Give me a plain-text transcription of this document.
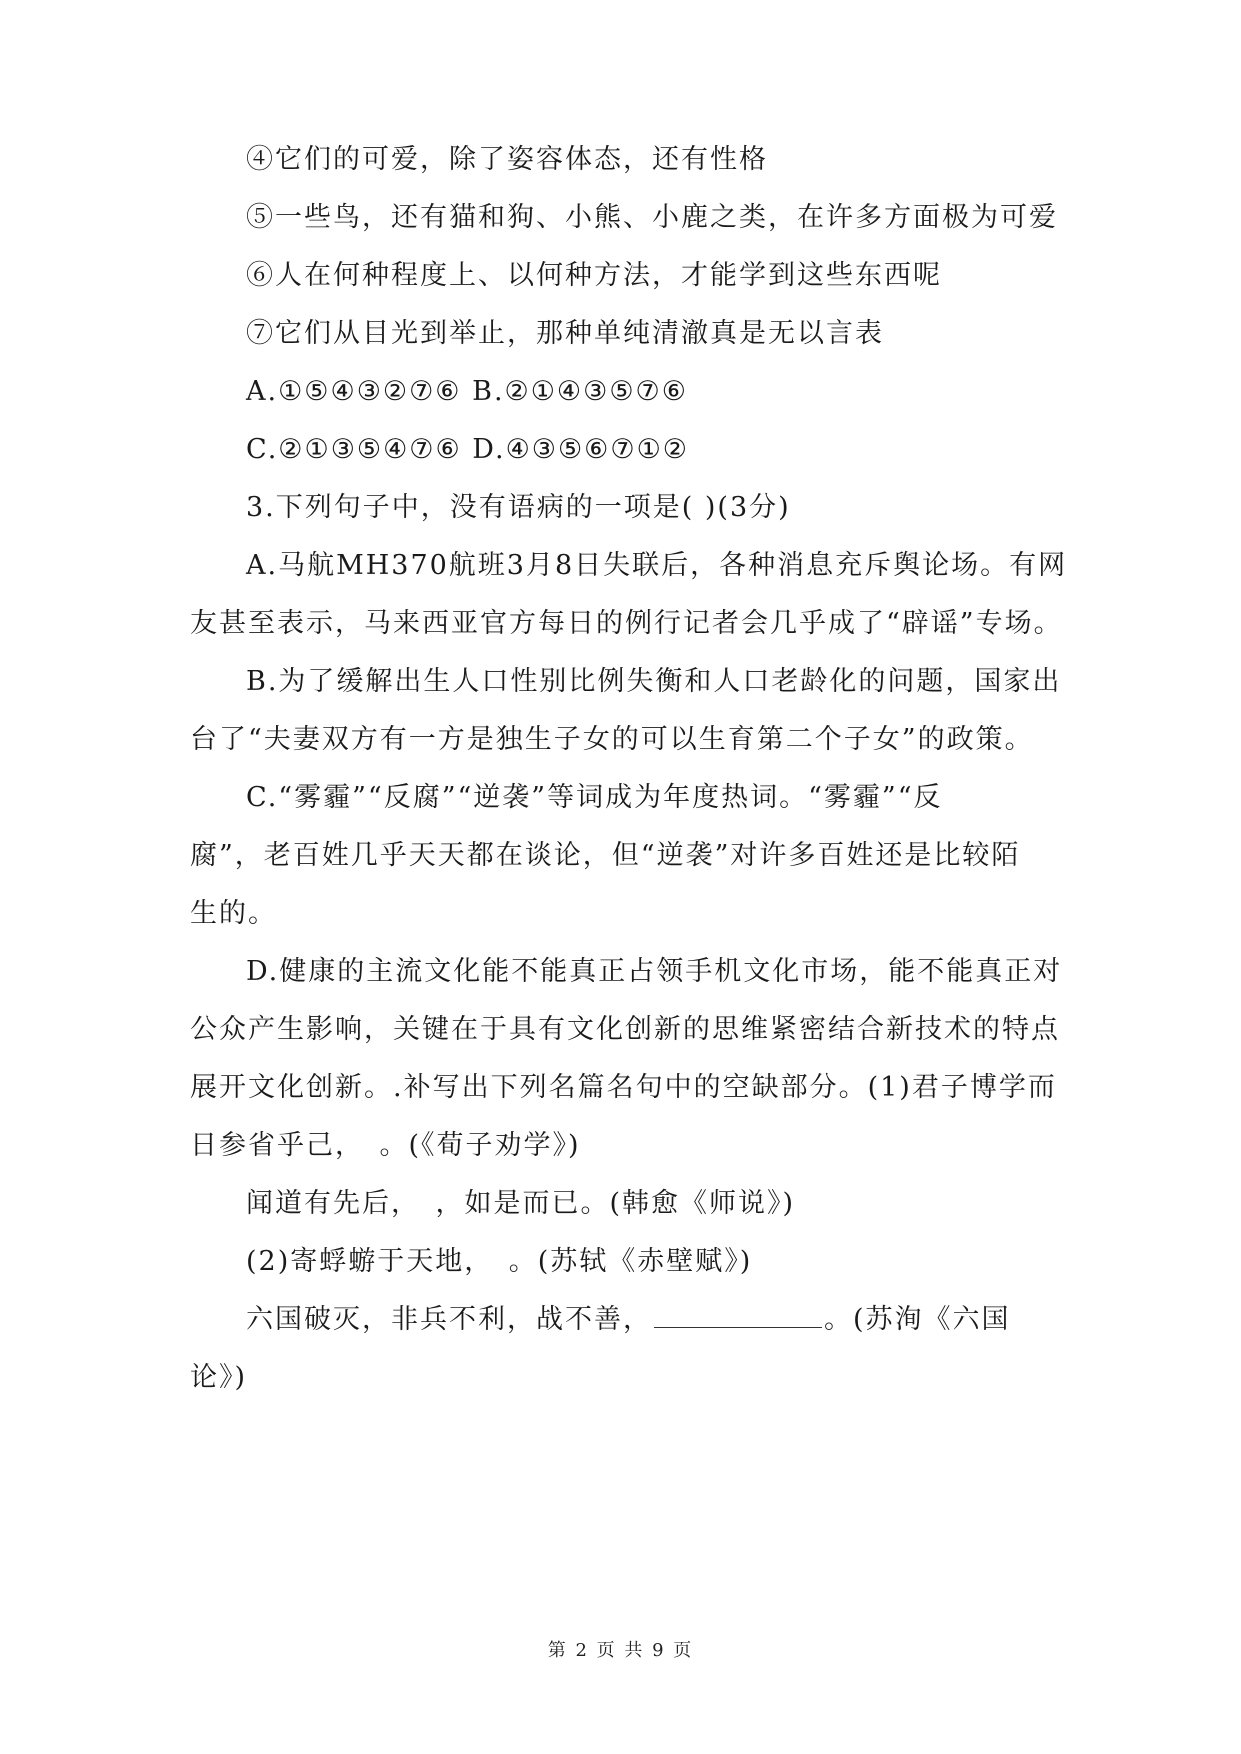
④它们的可爱，除了姿容体态，还有性格
⑤一些鸟，还有猫和狗、小熊、小鹿之类，在许多方面极为可爱
⑥人在何种程度上、以何种方法，才能学到这些东西呢
⑦它们从目光到举止，那种单纯清澈真是无以言表
A.①⑤④③②⑦⑥ B.②①④③⑤⑦⑥
C.②①③⑤④⑦⑥ D.④③⑤⑥⑦①②
3.下列句子中，没有语病的一项是( )(3分)
A.马航MH370航班3月8日失联后，各种消息充斥舆论场。有网
友甚至表示，马来西亚官方每日的例行记者会几乎成了“辟谣”专场。
B.为了缓解出生人口性别比例失衡和人口老龄化的问题，国家出
台了“夫妻双方有一方是独生子女的可以生育第二个子女”的政策。
C.“雾霾”“反腐”“逆袭”等词成为年度热词。“雾霾”“反
腐”，老百姓几乎天天都在谈论，但“逆袭”对许多百姓还是比较陌
生的。
D.健康的主流文化能不能真正占领手机文化市场，能不能真正对
公众产生影响，关键在于具有文化创新的思维紧密结合新技术的特点
展开文化创新。.补写出下列名篇名句中的空缺部分。(1)君子博学而
日参省乎己，　。(《荀子劝学》)
闻道有先后，　，如是而已。(韩愈《师说》)
(2)寄蜉蝣于天地，　。(苏轼《赤壁赋》)
六国破灭，非兵不利，战不善，	。(苏洵《六国
论》)
第 2 页 共 9 页
